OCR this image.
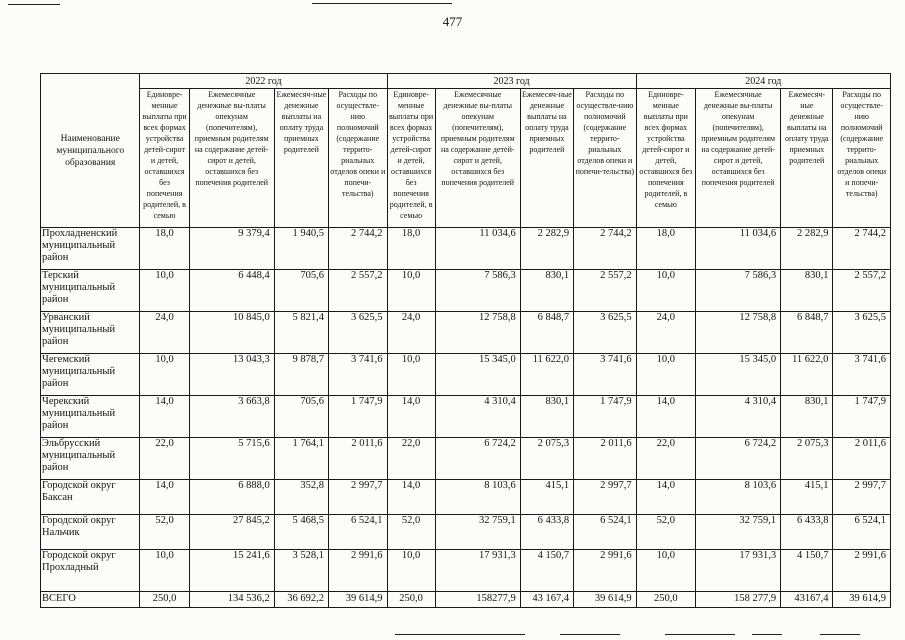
477
Наименование муниципального образования	2022 год				2023 год				2024 год			
	Единовре-менные выплаты при всех формах устройства детей-сирот и детей, оставшихся без попечения родителей, в семью	Ежемесячные денежные вы-платы опекунам (попечителям), приемным родителям на содержание детей-сирот и детей, оставшихся без попечения родителей	Ежемесяч-ные денежные выплаты на оплату труда приемных родителей	Расходы по осуществле-нию полномочий (содержание террито-риальных отделов опеки и попечи-тельства)	Единовре-менные выплаты при всех формах устройства детей-сирот и детей, оставшихся без попечения родителей, в семью	Ежемесячные денежные вы-платы опекунам (попечителям), приемным родителям на содержание детей-сирот и детей, оставшихся без попечения родителей	Ежемесяч-ные денежные выплаты на оплату труда приемных родителей	Расходы по осуществле-нию полномочий (содержание террито-риальных отделов опеки и попечи-тельства)	Единовре-менные выплаты при всех формах устройства детей-сирот и детей, оставшихся без попечения родителей, в семью	Ежемесячные денежные вы-платы опекунам (попечителям), приемным родителям на содержание детей-сирот и детей, оставшихся без попечения родителей	Ежемесяч-ные денежные выплаты на оплату труда приемных родителей	Расходы по осуществле-нию полномочий (содержание террито-риальных отделов опеки и попечи-тельства)
Прохладненский муниципальный район	18,0	9 379,4	1 940,5	2 744,2	18,0	11 034,6	2 282,9	2 744,2	18,0	11 034,6	2 282,9	2 744,2
Терский муниципальный район	10,0	6 448,4	705,6	2 557,2	10,0	7 586,3	830,1	2 557,2	10,0	7 586,3	830,1	2 557,2
Урванский муниципальный район	24,0	10 845,0	5 821,4	3 625,5	24,0	12 758,8	6 848,7	3 625,5	24,0	12 758,8	6 848,7	3 625,5
Чегемский муниципальный район	10,0	13 043,3	9 878,7	3 741,6	10,0	15 345,0	11 622,0	3 741,6	10,0	15 345,0	11 622,0	3 741,6
Черекский муниципальный район	14,0	3 663,8	705,6	1 747,9	14,0	4 310,4	830,1	1 747,9	14,0	4 310,4	830,1	1 747,9
Эльбрусский муниципальный район	22,0	5 715,6	1 764,1	2 011,6	22,0	6 724,2	2 075,3	2 011,6	22,0	6 724,2	2 075,3	2 011,6
Городской округ Баксан	14,0	6 888,0	352,8	2 997,7	14,0	8 103,6	415,1	2 997,7	14,0	8 103,6	415,1	2 997,7
Городской округ Нальчик	52,0	27 845,2	5 468,5	6 524,1	52,0	32 759,1	6 433,8	6 524,1	52,0	32 759,1	6 433,8	6 524,1
Городской округ Прохладный	10,0	15 241,6	3 528,1	2 991,6	10,0	17 931,3	4 150,7	2 991,6	10,0	17 931,3	4 150,7	2 991,6
ВСЕГО	250,0	134 536,2	36 692,2	39 614,9	250,0	158277,9	43 167,4	39 614,9	250,0	158 277,9	43167,4	39 614,9
